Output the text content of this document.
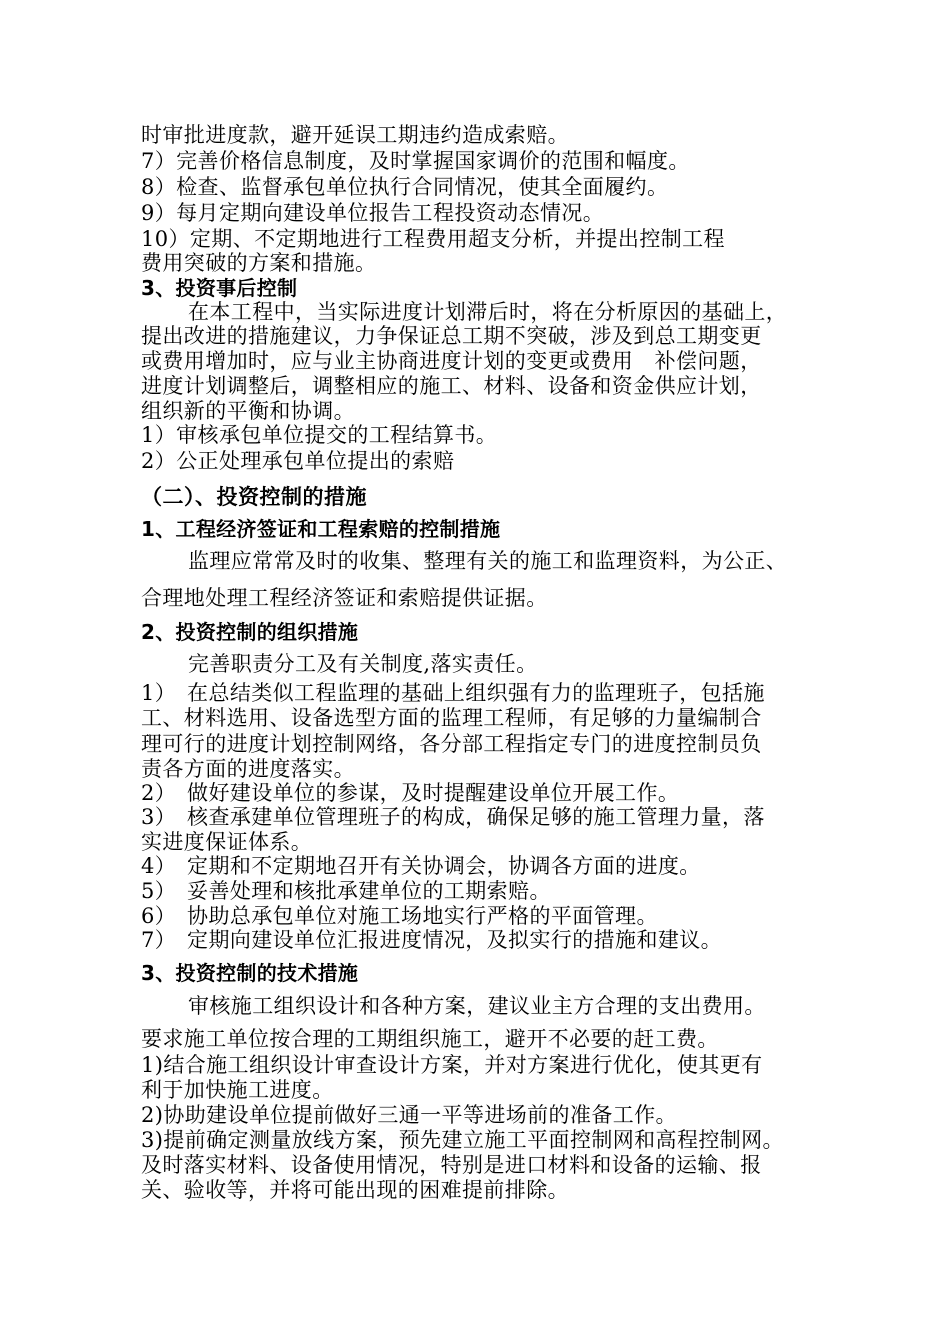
时审批进度款，避开延误工期违约造成索赔。
7）完善价格信息制度，及时掌握国家调价的范围和幅度。
8）检查、监督承包单位执行合同情况，使其全面履约。
9）每月定期向建设单位报告工程投资动态情况。
10）定期、不定期地进行工程费用超支分析，并提出控制工程
费用突破的方案和措施。
3、投资事后控制
在本工程中，当实际进度计划滞后时，将在分析原因的基础上，
提出改进的措施建议，力争保证总工期不突破，涉及到总工期变更
或费用增加时，应与业主协商进度计划的变更或费用　补偿问题，
进度计划调整后，调整相应的施工、材料、设备和资金供应计划，
组织新的平衡和协调。
1）审核承包单位提交的工程结算书。
2）公正处理承包单位提出的索赔
（二）、投资控制的措施
1、工程经济签证和工程索赔的控制措施
监理应常常及时的收集、整理有关的施工和监理资料，为公正、
合理地处理工程经济签证和索赔提供证据。
2、投资控制的组织措施
完善职责分工及有关制度,落实责任。
1）　在总结类似工程监理的基础上组织强有力的监理班子，包括施
工、材料选用、设备选型方面的监理工程师，有足够的力量编制合
理可行的进度计划控制网络，各分部工程指定专门的进度控制员负
责各方面的进度落实。
2）　做好建设单位的参谋，及时提醒建设单位开展工作。
3）　核查承建单位管理班子的构成，确保足够的施工管理力量，落
实进度保证体系。
4）　定期和不定期地召开有关协调会，协调各方面的进度。
5）　妥善处理和核批承建单位的工期索赔。
6）　协助总承包单位对施工场地实行严格的平面管理。
7）　定期向建设单位汇报进度情况，及拟实行的措施和建议。
3、投资控制的技术措施
审核施工组织设计和各种方案，建议业主方合理的支出费用。
要求施工单位按合理的工期组织施工，避开不必要的赶工费。
1)结合施工组织设计审查设计方案，并对方案进行优化，使其更有
利于加快施工进度。
2)协助建设单位提前做好三通一平等进场前的准备工作。
3)提前确定测量放线方案，预先建立施工平面控制网和高程控制网。
及时落实材料、设备使用情况，特别是进口材料和设备的运输、报
关、验收等，并将可能出现的困难提前排除。
